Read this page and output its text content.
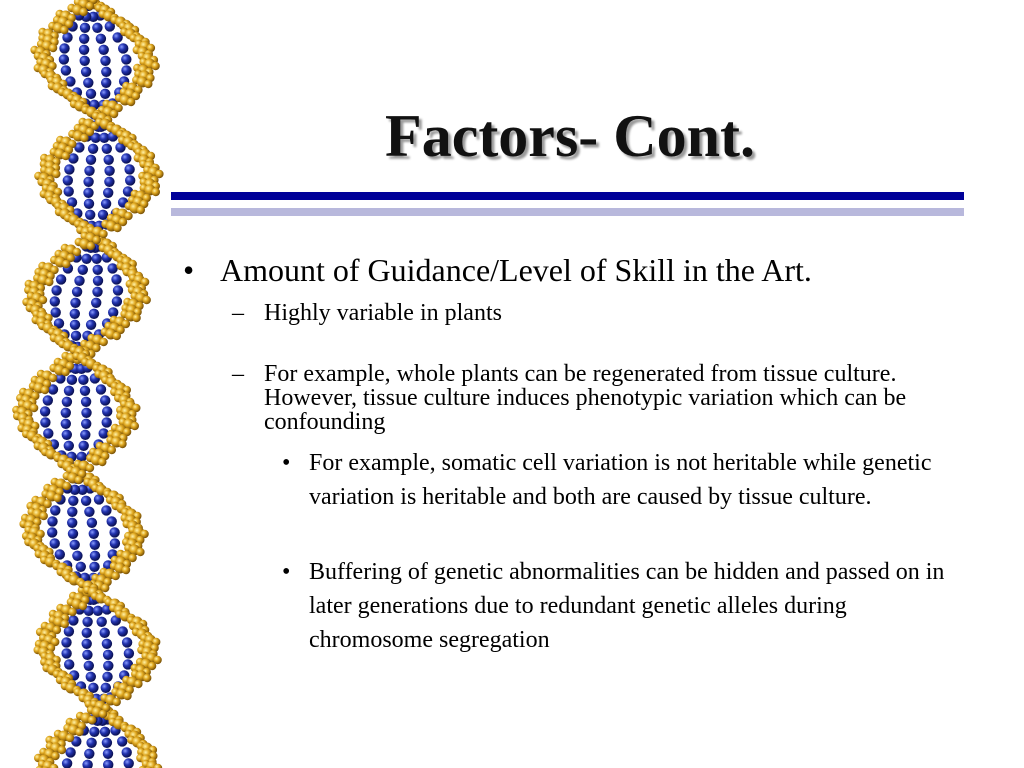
Factors- Cont.
• Amount of Guidance/Level of Skill in the Art.
– Highly variable in plants
– For example, whole plants can be regenerated from tissue culture. However, tissue culture induces phenotypic variation which can be confounding
• For example, somatic cell variation is not heritable while genetic variation is heritable and both are caused by tissue culture.
• Buffering of genetic abnormalities can be hidden and passed on in later generations due to redundant genetic alleles during chromosome segregation
